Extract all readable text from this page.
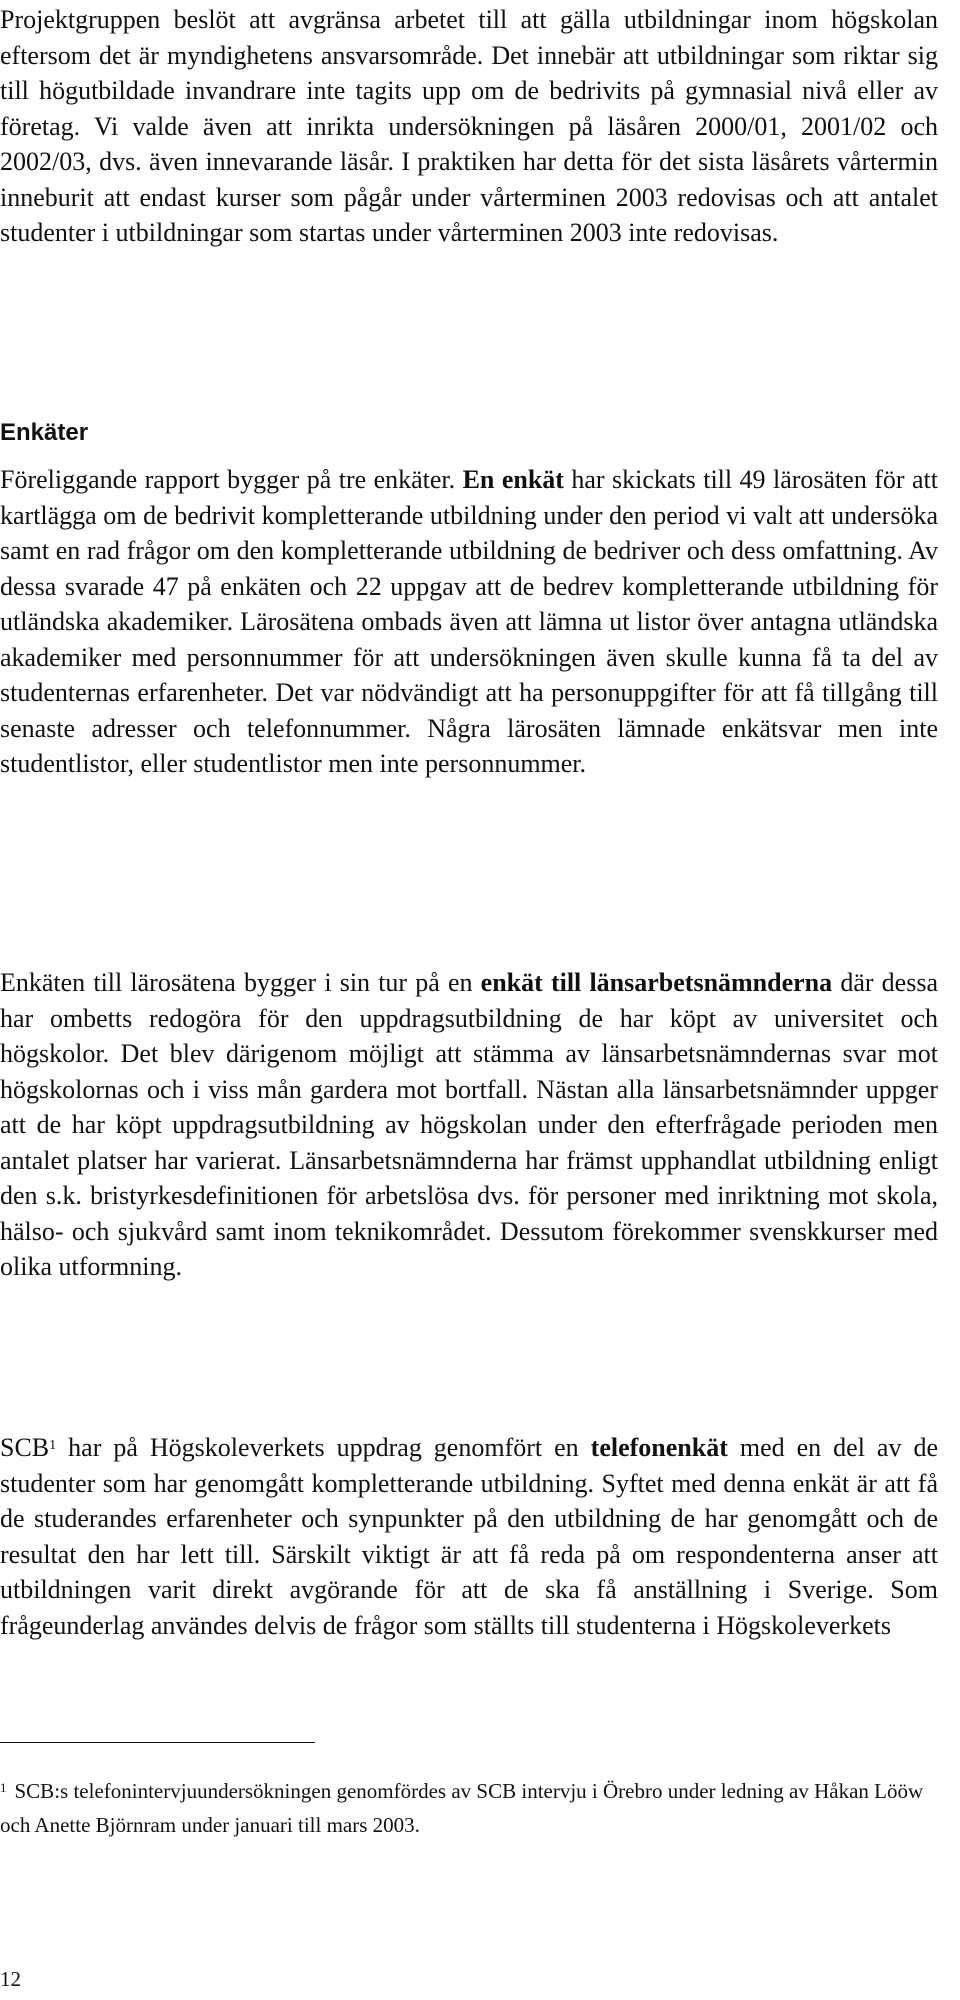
Projektgruppen beslöt att avgränsa arbetet till att gälla utbildningar inom högskolan eftersom det är myndighetens ansvarsområde. Det innebär att utbildningar som riktar sig till högutbildade invandrare inte tagits upp om de bedrivits på gymnasial nivå eller av företag. Vi valde även att inrikta undersökningen på läsåren 2000/01, 2001/02 och 2002/03, dvs. även innevarande läsår. I praktiken har detta för det sista läsårets vårtermin inneburit att endast kurser som pågår under vårterminen 2003 redovisas och att antalet studenter i utbildningar som startas under vårterminen 2003 inte redovisas.

Enkäter

Föreliggande rapport bygger på tre enkäter. En enkät har skickats till 49 lärosäten för att kartlägga om de bedrivit kompletterande utbildning under den period vi valt att undersöka samt en rad frågor om den kompletterande utbildning de bedriver och dess omfattning. Av dessa svarade 47 på enkäten och 22 uppgav att de bedrev kompletterande utbildning för utländska akademiker. Lärosätena ombads även att lämna ut listor över antagna utländska akademiker med personnummer för att undersökningen även skulle kunna få ta del av studenternas erfarenheter. Det var nödvändigt att ha personuppgifter för att få tillgång till senaste adresser och telefonnummer. Några lärosäten lämnade enkätsvar men inte studentlistor, eller studentlistor men inte personnummer.

Enkäten till lärosätena bygger i sin tur på en enkät till länsarbetsnämnderna där dessa har ombetts redogöra för den uppdragsutbildning de har köpt av universitet och högskolor. Det blev därigenom möjligt att stämma av länsarbetsnämndernas svar mot högskolornas och i viss mån gardera mot bortfall. Nästan alla länsarbetsnämnder uppger att de har köpt uppdragsutbildning av högskolan under den efterfrågade perioden men antalet platser har varierat. Länsarbetsnämnderna har främst upphandlat utbildning enligt den s.k. bristyrkesdefinitionen för arbetslösa dvs. för personer med inriktning mot skola, hälso- och sjukvård samt inom teknikområdet. Dessutom förekommer svenskkurser med olika utformning.

SCB$^1$ har på Högskoleverkets uppdrag genomfört en telefonenkät med en del av de studenter som har genomgått kompletterande utbildning. Syftet med denna enkät är att få de studerandes erfarenheter och synpunkter på den utbildning de har genomgått och de resultat den har lett till. Särskilt viktigt är att få reda på om respondenterna anser att utbildningen varit direkt avgörande för att de ska få anställning i Sverige. Som frågeunderlag användes delvis de frågor som ställts till studenterna i Högskoleverkets

$^1$ SCB:s telefonintervjuundersökningen genomfördes av SCB intervju i Örebro under ledning av Håkan Lööw och Anette Björnram under januari till mars 2003.
12
